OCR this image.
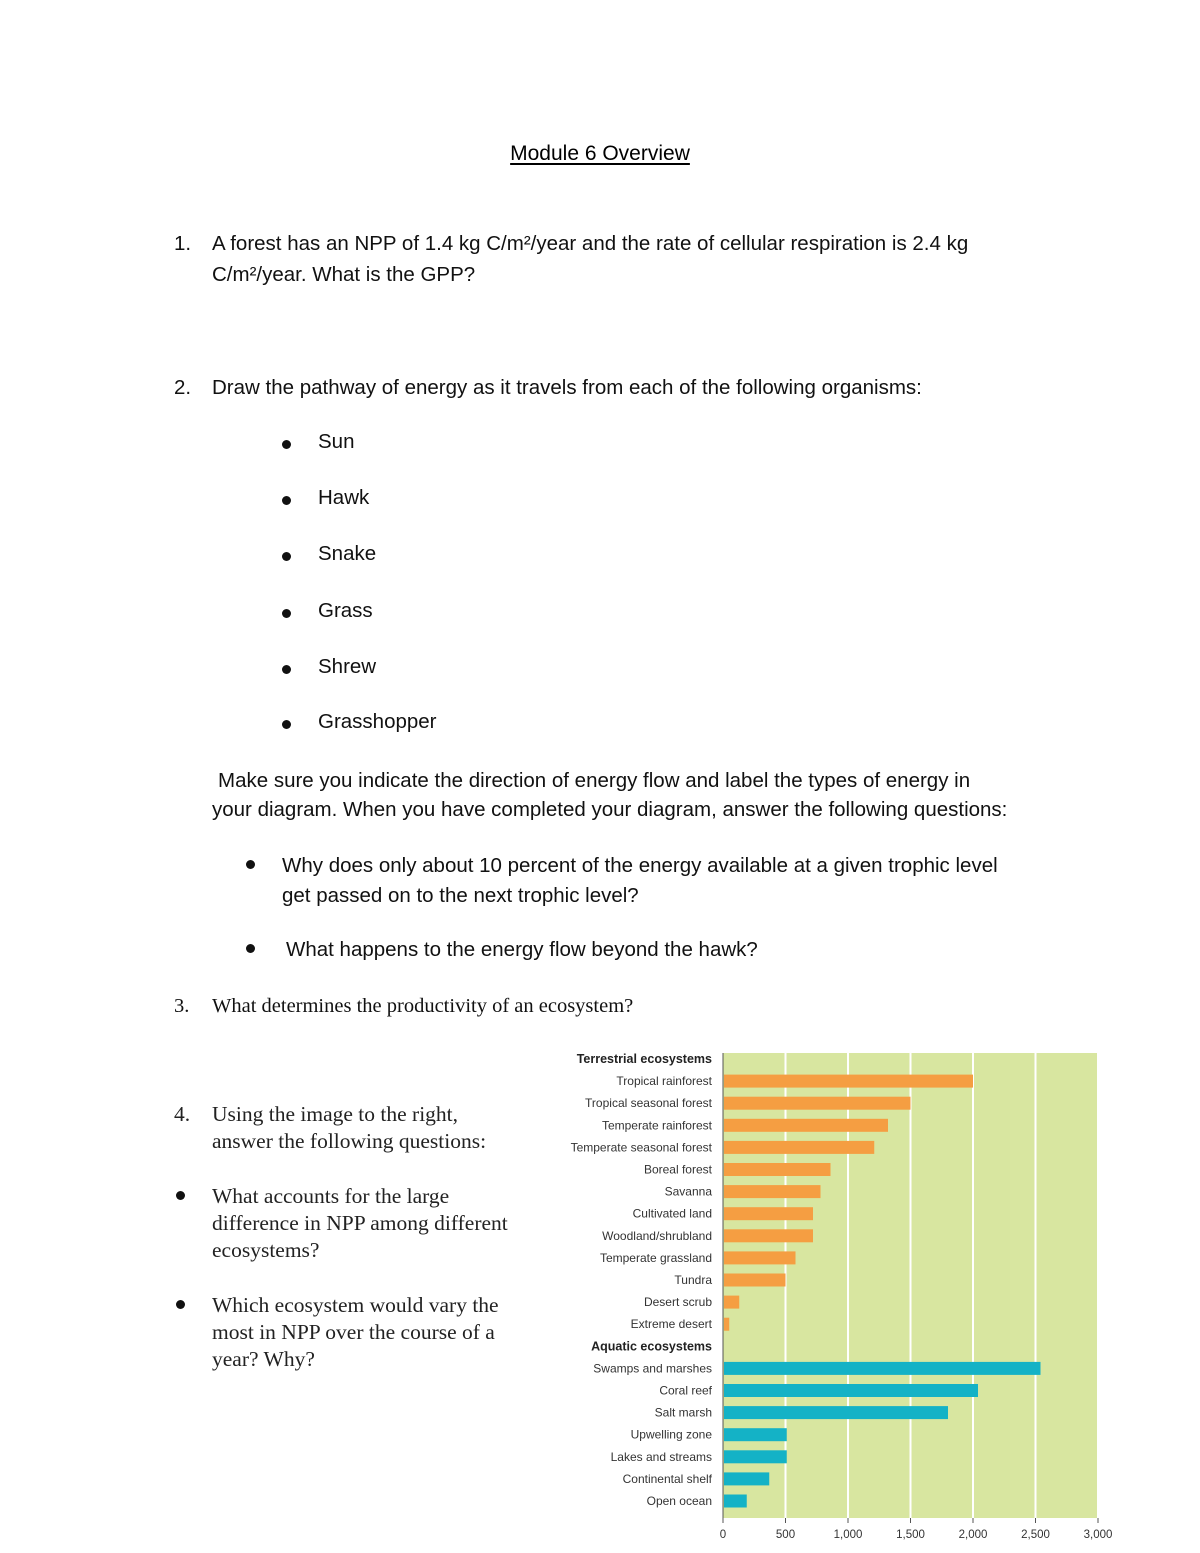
Module 6 Overview
1. A forest has an NPP of 1.4 kg C/m²/year and the rate of cellular respiration is 2.4 kg
C/m²/year. What is the GPP?
2. Draw the pathway of energy as it travels from each of the following organisms:
Sun
Hawk
Snake
Grass
Shrew
Grasshopper
Make sure you indicate the direction of energy flow and label the types of energy in
your diagram. When you have completed your diagram, answer the following questions:
Why does only about 10 percent of the energy available at a given trophic level
get passed on to the next trophic level?
What happens to the energy flow beyond the hawk?
3. What determines the productivity of an ecosystem?
4. Using the image to the right,
answer the following questions:
What accounts for the large
difference in NPP among different
ecosystems?
Which ecosystem would vary the
most in NPP over the course of a
year? Why?
Terrestrial ecosystems
Tropical rainforest
Tropical seasonal forest
Temperate rainforest
Temperate seasonal forest
Boreal forest
Savanna
Cultivated land
Woodland/shrubland
Temperate grassland
Tundra
Desert scrub
Extreme desert
Aquatic ecosystems
Swamps and marshes
Coral reef
Salt marsh
Upwelling zone
Lakes and streams
Continental shelf
Open ocean
0	500	1,000	1,500	2,000	2,500	3,000
